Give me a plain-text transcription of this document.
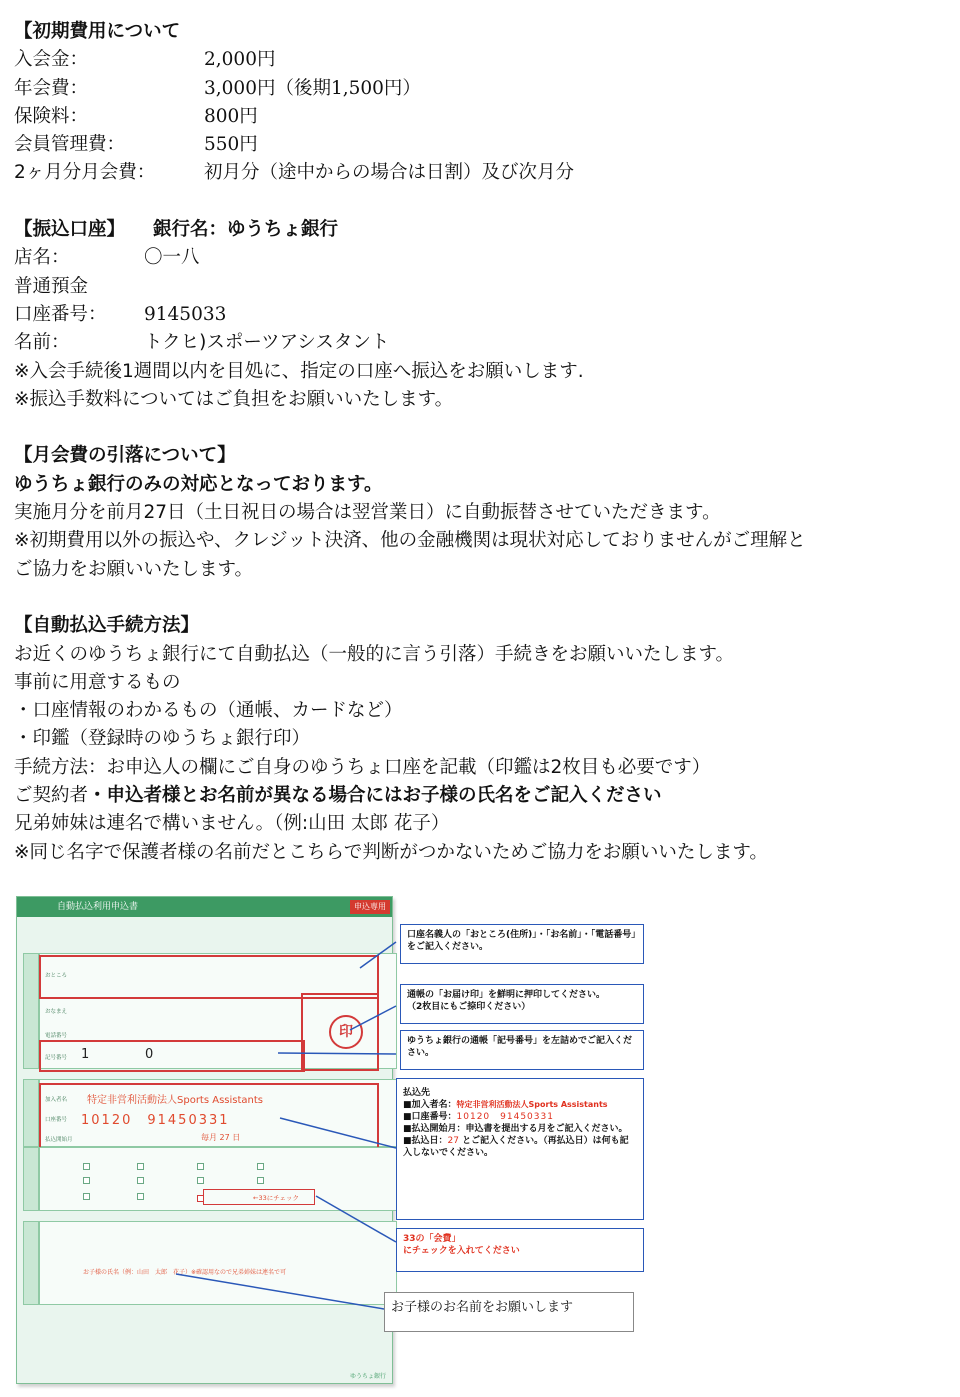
【初期費用について
入会金：	2,000円
年会費：	3,000円（後期1,500円）
保険料：	800円
会員管理費：	550円
2ヶ月分月会費：	初月分（途中からの場合は日割）及び次月分
【振込口座】 銀行名：ゆうちょ銀行
店名：	〇一八
普通預金
口座番号：	9145033
名前：	トクヒ)スポーツアシスタント
※入会手続後1週間以内を目処に、指定の口座へ振込をお願いします.
※振込手数料についてはご負担をお願いいたします。
【月会費の引落について】
ゆうちょ銀行のみの対応となっております。
実施月分を前月27日（土日祝日の場合は翌営業日）に自動振替させていただきます。
※初期費用以外の振込や、クレジット決済、他の金融機関は現状対応しておりませんがご理解と
ご協力をお願いいたします。
【自動払込手続方法】
お近くのゆうちょ銀行にて自動払込（一般的に言う引落）手続きをお願いいたします。
事前に用意するもの
・口座情報のわかるもの（通帳、カードなど）
・印鑑（登録時のゆうちょ銀行印）
手続方法：お申込人の欄にご自身のゆうちょ口座を記載（印鑑は2枚目も必要です）
ご契約者・申込者様とお名前が異なる場合にはお子様の氏名をご記入ください
兄弟姉妹は連名で構いません。（例:山田 太郎 花子）
※同じ名字で保護者様の名前だとこちらで判断がつかないためご協力をお願いいたします。
自動払込利用申込書	申込専用
おところ
おなまえ
電話番号
記号番号 1	0
印
加入者名 特定非営利活動法人Sports Assistants
口座番号 10120　91450331
払込開始月	毎月 27 日
←33にチェック
お子様の氏名（例：山田　太郎　花子）※確認用なので兄弟姉妹は連名で可
ゆうちょ銀行
口座名義人の「おところ(住所)」・「お名前」・「電話番号」をご記入ください。
通帳の「お届け印」を鮮明に押印してください。
（2枚目にもご捺印ください）
ゆうちょ銀行の通帳「記号番号」を左詰めでご記入ください。
払込先
■加入者名：特定非営利活動法人Sports Assistants
■口座番号：10120　91450331
■払込開始月：申込書を提出する月をご記入ください。
■払込日：27 とご記入ください。（再払込日）は何も記入しないでください。
33の「会費」
にチェックを入れてください
お子様のお名前をお願いします
